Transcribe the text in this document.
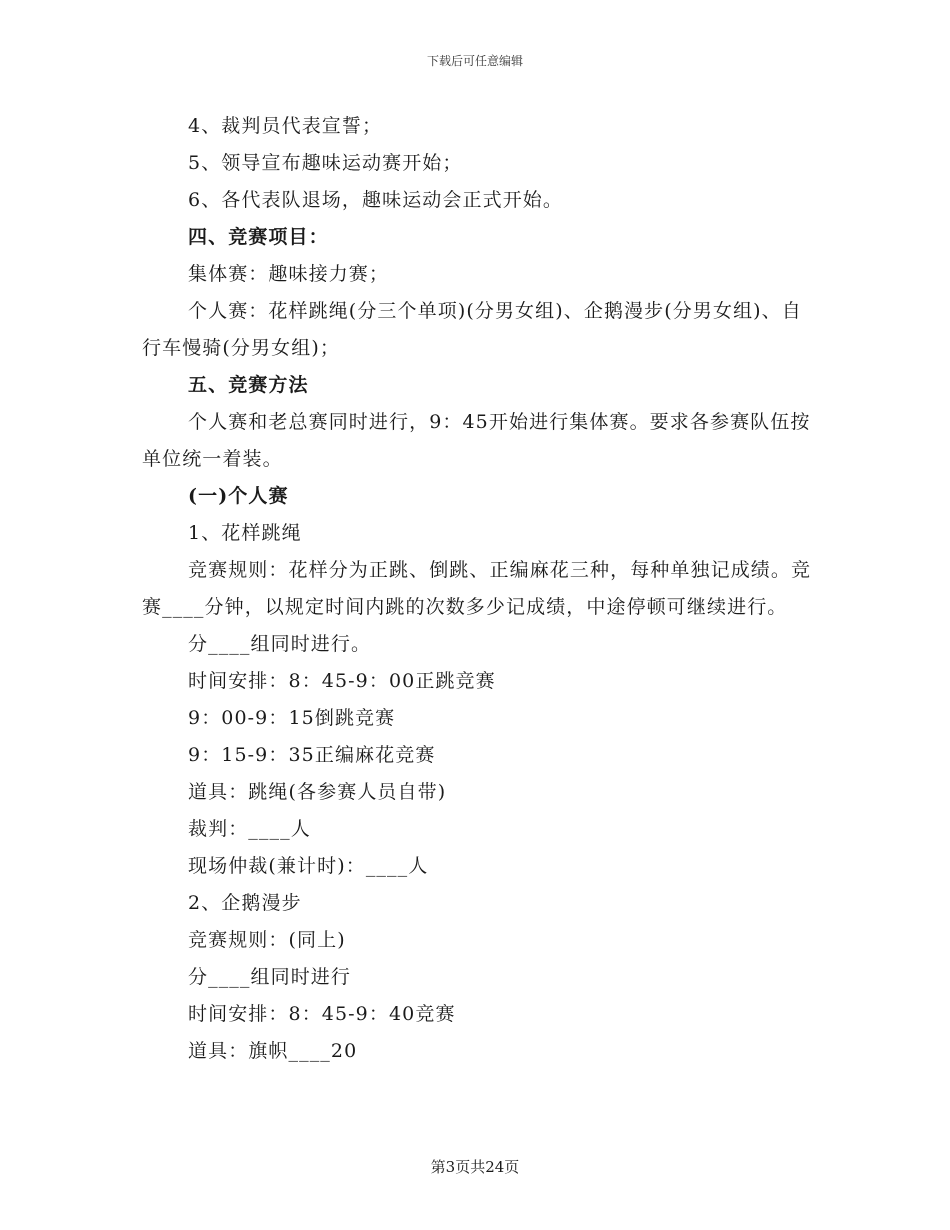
下载后可任意编辑

4、裁判员代表宣誓；

5、领导宣布趣味运动赛开始；

6、各代表队退场，趣味运动会正式开始。

四、竞赛项目：

集体赛：趣味接力赛；

个人赛：花样跳绳(分三个单项)(分男女组)、企鹅漫步(分男女组)、自行车慢骑(分男女组)；

五、竞赛方法

个人赛和老总赛同时进行，9：45开始进行集体赛。要求各参赛队伍按单位统一着装。

(一)个人赛

1、花样跳绳

竞赛规则：花样分为正跳、倒跳、正编麻花三种，每种单独记成绩。竞赛____分钟，以规定时间内跳的次数多少记成绩，中途停顿可继续进行。

分____组同时进行。

时间安排：8：45-9：00正跳竞赛

9：00-9：15倒跳竞赛

9：15-9：35正编麻花竞赛

道具：跳绳(各参赛人员自带)

裁判：____人

现场仲裁(兼计时)：____人

2、企鹅漫步

竞赛规则：(同上)

分____组同时进行

时间安排：8：45-9：40竞赛

道具：旗帜____20

第3页共24页
